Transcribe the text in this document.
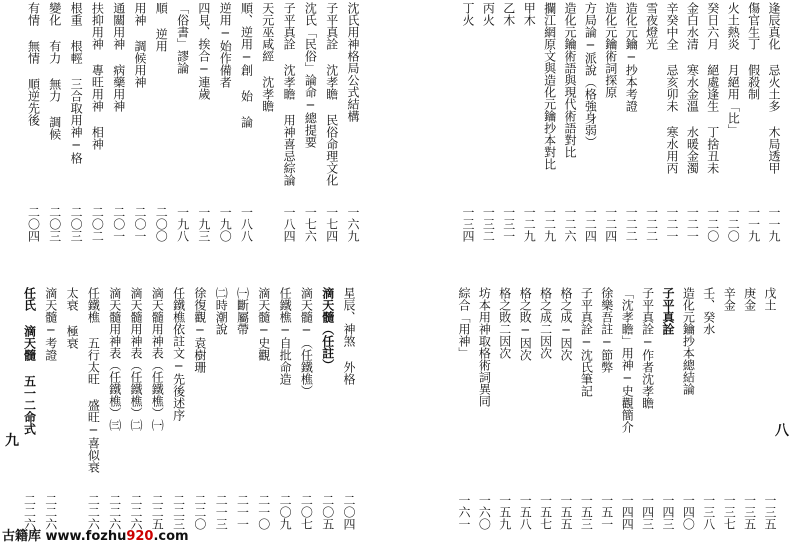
沈氏用神格局公式結構
一六九
子平真詮 沈孝瞻 民俗命理文化
一七四
沈氏「民俗」論命─總提要
一七六
子平真詮 沈孝瞻 用神喜忌綜論
一八四
天元巫咸經 沈孝瞻
順、逆用─創 始 論
一八八
逆用─始作備者
一九〇
四見、挨合─連歲
一九三
「俗書」謬論
一九八
順 逆用
二〇〇
用神 調候用神
二〇一
通關用神 病藥用神
二〇一
扶抑用神 專旺用神 相神
二〇二
根重 根輕 三合取用神─格
二〇三
變化 有力 無力 調候
二〇三
有情 無情 順逆先後
二〇四
逢辰真化 忌火土多 木局透甲
一一九
傷官生丁 假殺制
一一九
火土熱炎 月絕用「比」
一二〇
癸日六月 絕處逢生 丁捨丑未
一二〇
金白水清 寒水金溫 水暖金濁
一二一
辛癸中全 忌亥卯未 寒水用丙
一二一
雪夜燈光
一二二
造化元鑰─抄本考證
一二二
造化元鑰術詞探原
一二四
方局論─派說（格強身弱）
一二四
造化元鑰術語與現代術語對比
一二六
攔江網原文與造化元鑰抄本對比
一二九
甲木
一二九
乙木
一三一
丙火
一三二
丁火
一三四
星辰、神煞 外格
二〇四
滴天髓（任註）
二〇五
滴天髓─（任鐵樵）
二〇七
任鐵樵─自批命造
二〇九
滴天髓─史觀
二一〇
㈠斷屬帶
二一一
㈡時潮說
二一三
徐復觀─袁樹珊
二二〇
任鐵樵依註文─先後述序
二二三
滴天髓用神表（任鐵樵）㈠
二二五
滴天髓用神表（任鐵樵）㈡
二二六
滴天髓用神表（任鐵樵）㈢
二二六
任鐵樵 五行太旺 盛旺─喜似衰
二二六
太衰 極衰
滴天髓─考證
二二六
任氏 滴天髓 五一二命式
二二六
戊土
一三五
庚金
一三五
辛金
一三七
壬、癸水
一三八
造化元鑰抄本總結論
一四〇
子平真詮
一四三
子平真詮─作者沈孝瞻
一四三
「沈孝瞻」用神─史觀簡介
一四四
徐樂吾註─節弊
一五一
子平真詮─沈氏筆記
一五三
格之成─因次
一五五
格之成二因次
一五七
格之敗─因次
一五八
格之敗二因次
一五九
坊本用神取格術詞異同
一六〇
綜合「用神」
一六一
九
八
古籍库 www.fozhu920.com
